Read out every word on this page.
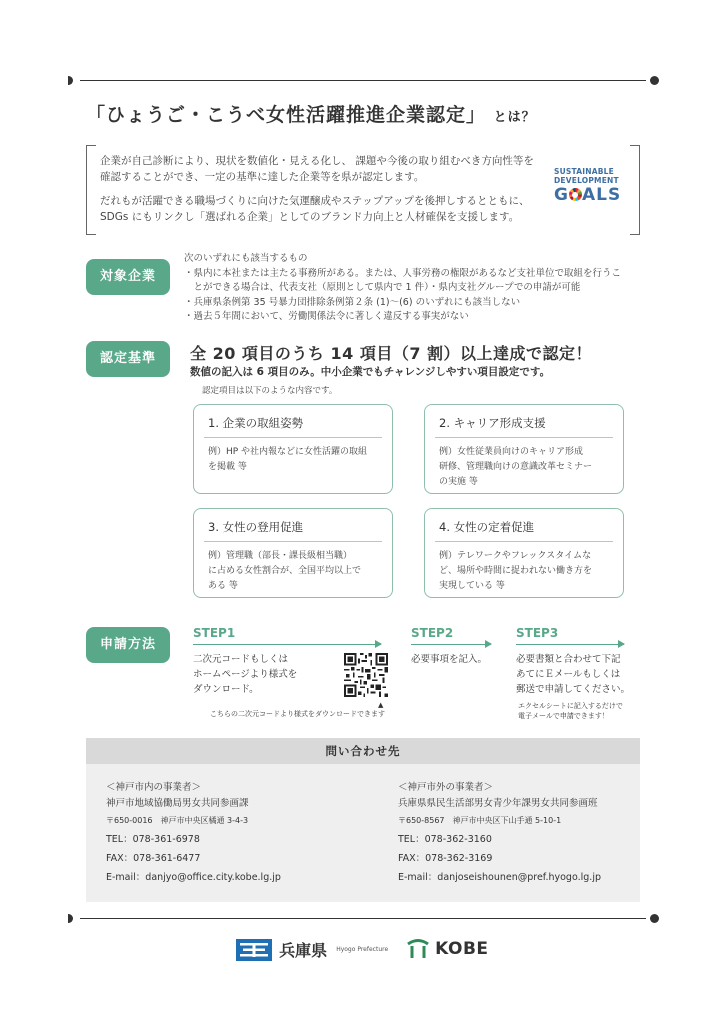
「ひょうご・こうべ女性活躍推進企業認定」 とは？

企業が自己診断により、現状を数値化・見える化し、 課題や今後の取り組むべき方向性等を
確認することができ、一定の基準に達した企業等を県が認定します。

だれもが活躍できる職場づくりに向けた気運醸成やステップアップを後押しするとともに、
SDGs にもリンクし「選ばれる企業」としてのブランド力向上と人材確保を支援します。

SUSTAINABLE
DEVELOPMENT
G ALS
対象企業
次のいずれにも該当するもの
・県内に本社または主たる事務所がある。または、人事労務の権限があるなど支社単位で取組を行うこ
　とができる場合は、代表支社（原則として県内で 1 件）・県内支社グループでの申請が可能
・兵庫県条例第 35 号暴力団排除条例第２条 (1)～(6) のいずれにも該当しない
・過去５年間において、労働関係法令に著しく違反する事実がない
認定基準	全 20 項目のうち 14 項目（7 割）以上達成で認定！
数値の記入は 6 項目のみ。中小企業でもチャレンジしやすい項目設定です。
認定項目は以下のような内容です。
1. 企業の取組姿勢
例）HP や社内報などに女性活躍の取組
を掲載 等
2. キャリア形成支援
例）女性従業員向けのキャリア形成
研修、管理職向けの意識改革セミナー
の実施 等
3. 女性の登用促進
例）管理職（部長・課長級相当職）
に占める女性割合が、全国平均以上で
ある 等
4. 女性の定着促進
例）テレワークやフレックスタイムな
ど、場所や時間に捉われない働き方を
実現している 等
申請方法
STEP1
二次元コードもしくは
ホームページより様式を
ダウンロード。
▲
こちらの二次元コードより様式をダウンロードできます
STEP2
必要事項を記入。
STEP3
必要書類と合わせて下記
あてにＥメールもしくは
郵送で申請してください。
エクセルシートに記入するだけで
電子メールで申請できます！
問い合わせ先
＜神戸市内の事業者＞
神戸市地域協働局男女共同参画課
〒650-0016　神戸市中央区橘通 3-4-3
TEL：078-361-6978
FAX：078-361-6477
E-mail：danjyo@office.city.kobe.lg.jp
＜神戸市外の事業者＞
兵庫県県民生活部男女青少年課男女共同参画班
〒650-8567　神戸市中央区下山手通 5-10-1
TEL：078-362-3160
FAX：078-362-3169
E-mail：danjoseishounen@pref.hyogo.lg.jp
兵庫県 Hyogo Prefecture	KOBE
